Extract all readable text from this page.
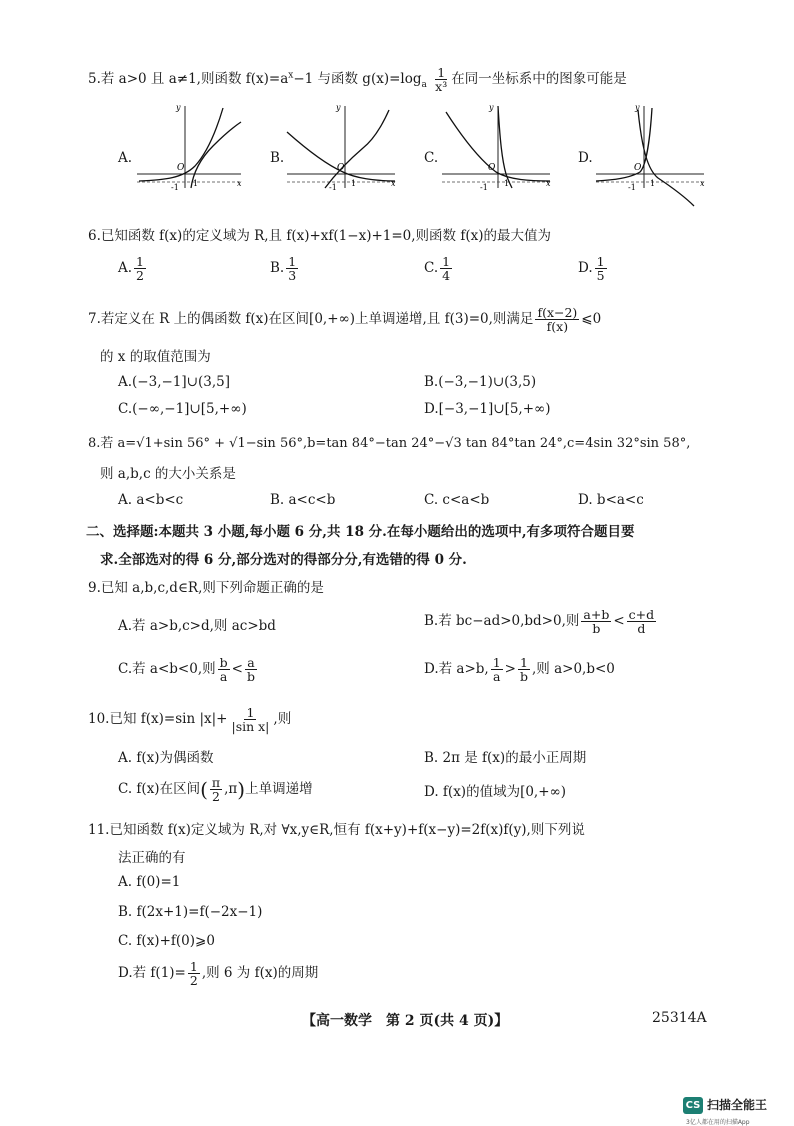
5.若 a>0 且 a≠1,则函数 $f(x)=a^x-1$ 与函数 $g(x)=\log_a \frac{1}{\text{x³}}$ 在同一坐标系中的图象可能是
A.
O
-1 1	x
y
B.
O
-1 1	x
y
C.
O
-1 1	x
y
D.
O
-1 1	x
y
6.已知函数 f(x)的定义域为 R,且 f(x)+xf(1−x)+1=0,则函数 f(x)的最大值为
A. $\frac{1}{2}$	B. $\frac{1}{3}$	C. $\frac{1}{4}$	D. $\frac{1}{5}$
7.若定义在 R 上的偶函数 f(x)在区间[0,+∞)上单调递增,且 f(3)=0,则满足 $\frac{f(x-2)}{f(x)}$ ⩽0
的 x 的取值范围为
A.(−3,−1]∪(3,5]	B.(−3,−1)∪(3,5)
C.(−∞,−1]∪[5,+∞)	D.[−3,−1]∪[5,+∞)
8.若 a=√1+sin 56° + √1−sin 56°,b=tan 84°−tan 24°−√3 tan 84°tan 24°,c=4sin 32°sin 58°,
则 a,b,c 的大小关系是
A. a<b<c	B. a<c<b	C. c<a<b	D. b<a<c
二、选择题:本题共 3 小题,每小题 6 分,共 18 分.在每小题给出的选项中,有多项符合题目要
求.全部选对的得 6 分,部分选对的得部分分,有选错的得 0 分.
9.已知 a,b,c,d∈R,则下列命题正确的是
A.若 a>b,c>d,则 ac>bd	B.若 bc−ad>0,bd>0,则 $\frac{a+b}{b} < \frac{c+d}{d}$
C.若 a<b<0,则 $\frac{b}{a} < \frac{a}{b}$	D.若 a>b, $\frac{1}{a} > \frac{1}{b}$ ,则 a>0,b<0
10.已知 f(x)=sin $|x|+ \frac{1}{\text{|sin x|}}$ ,则
A. f(x)为偶函数	B. 2π 是 f(x)的最小正周期
C. f(x)在区间( $\frac{\pi}{2} ,\pi$)上单调递增	D. f(x)的值域为[0,+∞)
11.已知函数 f(x)定义域为 R,对 ∀x,y∈R,恒有 f(x+y)+f(x−y)=2f(x)f(y),则下列说
法正确的有
A. f(0)=1
B. f(2x+1)=f(−2x−1)
C. f(x)+f(0)⩾0
D.若 $f(1)= \frac{1}{2}$ ,则 6 为 f(x)的周期
【高一数学　第 2 页(共 4 页)】	25314A
CS 扫描全能王
3亿人都在用的扫描App
